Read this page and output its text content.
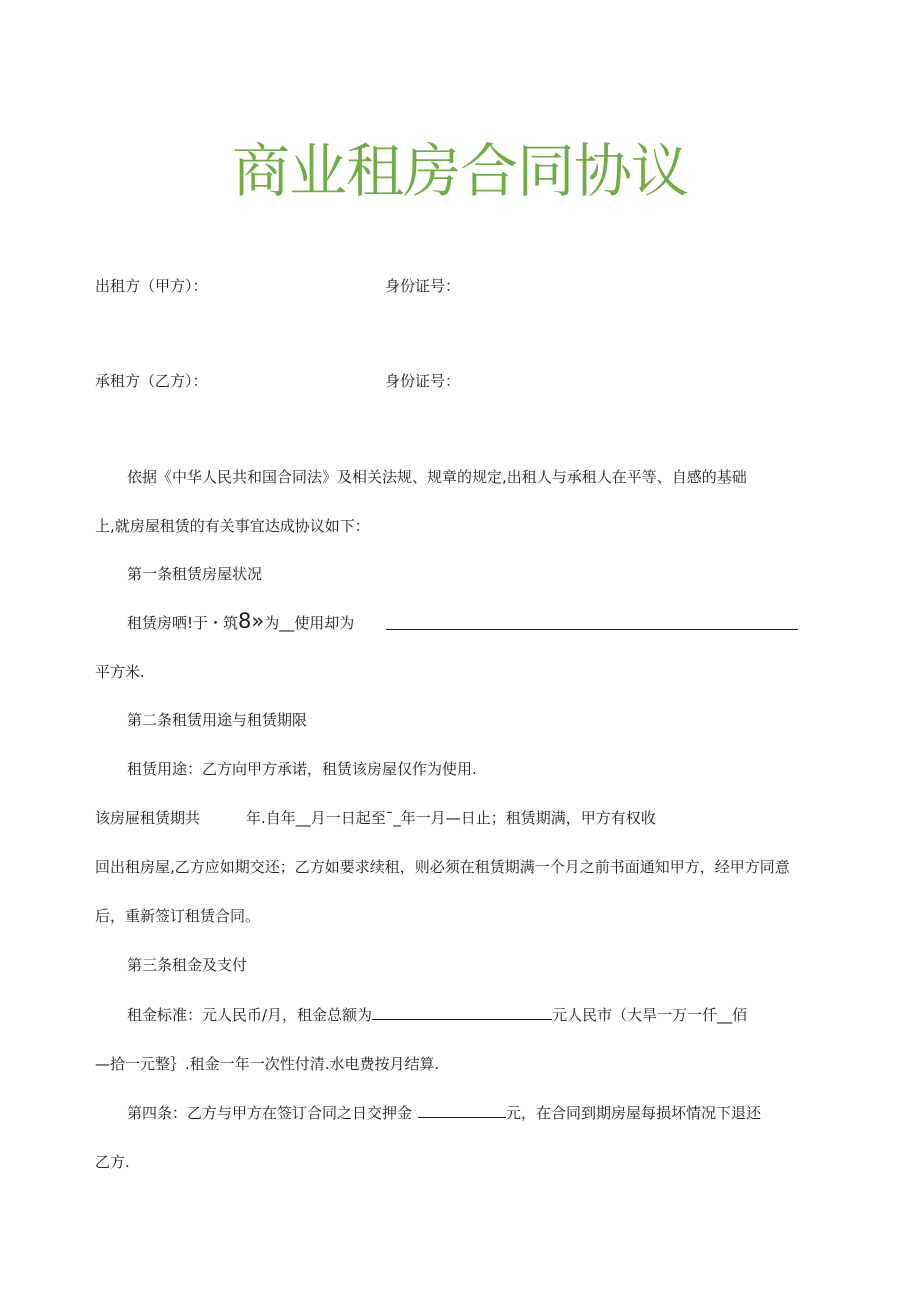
商业租房合同协议
出租方（甲方）：	身份证号：
承租方（乙方）：	身份证号：
依据《中华人民共和国合同法》及相关法规、规章的规定,出租人与承租人在平等、自感的基础
上,就房屋租赁的有关事宜达成协议如下：
第一条租赁房屋状况
租赁房哂!于・筑8»为__使用却为
平方米.
第二条租赁用途与租赁期限
租赁用途：乙方向甲方承诺，租赁该房屋仅作为使用.
该房屉租赁期共	年.自年__月一日起至¯_年一月—日止；租赁期满，甲方有权收
回出租房屋,乙方应如期交还；乙方如要求续租，则必须在租赁期满一个月之前书面通知甲方，经甲方同意
后，重新签订租赁合同。
第三条租金及支付
租金标准：元人民币/月，租金总额为	元人民市（大旱一万一仟__佰
—拾一元整｝.租金一年一次性付清.水电费按月结算.
第四条：乙方与甲方在签订合同之日交押金	元，在合同到期房屋每损坏情况下退还
乙方.
